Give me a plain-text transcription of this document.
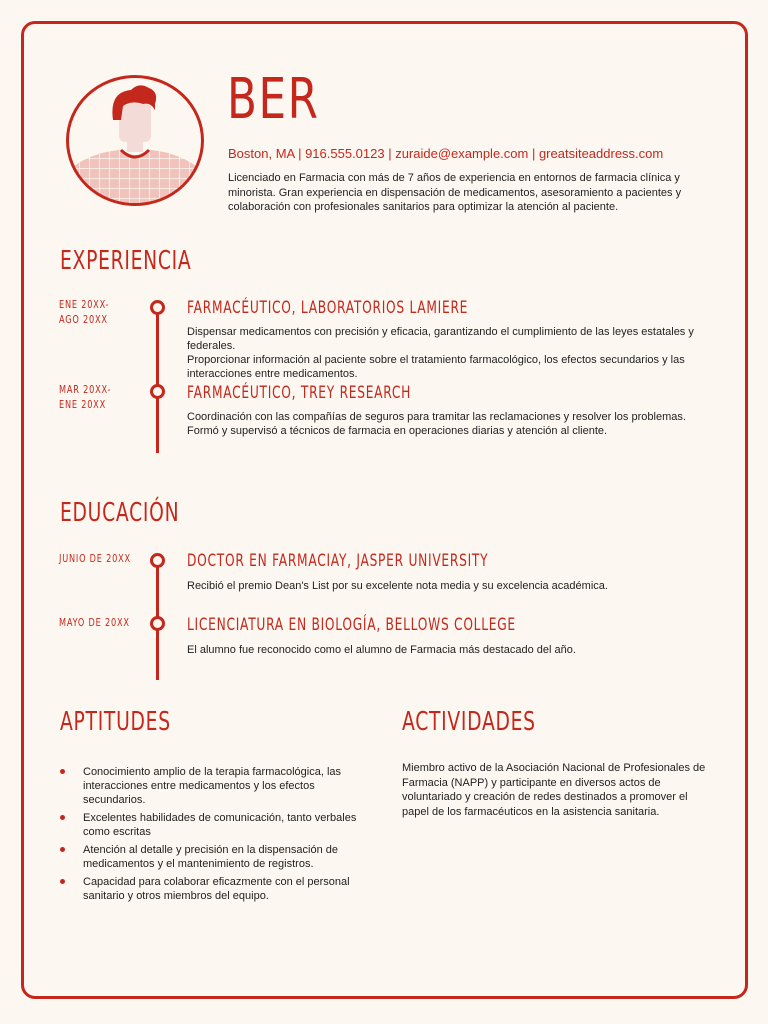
BER
Boston, MA | 916.555.0123 | zuraide@example.com | greatsiteaddress.com
Licenciado en Farmacia con más de 7 años de experiencia en entornos de farmacia clínica y minorista. Gran experiencia en dispensación de medicamentos, asesoramiento a pacientes y colaboración con profesionales sanitarios para optimizar la atención al paciente.
EXPERIENCIA
ENE 20XX-
AGO 20XX
FARMACÉUTICO, LABORATORIOS LAMIERE
Dispensar medicamentos con precisión y eficacia, garantizando el cumplimiento de las leyes estatales y federales.
Proporcionar información al paciente sobre el tratamiento farmacológico, los efectos secundarios y las interacciones entre medicamentos.
MAR 20XX-
ENE 20XX
FARMACÉUTICO, TREY RESEARCH
Coordinación con las compañías de seguros para tramitar las reclamaciones y resolver los problemas.
Formó y supervisó a técnicos de farmacia en operaciones diarias y atención al cliente.
EDUCACIÓN
JUNIO DE 20XX	DOCTOR EN FARMACIAY, JASPER UNIVERSITY
Recibió el premio Dean's List por su excelente nota media y su excelencia académica.
MAYO DE 20XX	LICENCIATURA EN BIOLOGÍA, BELLOWS COLLEGE
El alumno fue reconocido como el alumno de Farmacia más destacado del año.
APTITUDES
Conocimiento amplio de la terapia farmacológica, las interacciones entre medicamentos y los efectos secundarios.
Excelentes habilidades de comunicación, tanto verbales como escritas
Atención al detalle y precisión en la dispensación de medicamentos y el mantenimiento de registros.
Capacidad para colaborar eficazmente con el personal sanitario y otros miembros del equipo.
ACTIVIDADES
Miembro activo de la Asociación Nacional de Profesionales de Farmacia (NAPP) y participante en diversos actos de voluntariado y creación de redes destinados a promover el papel de los farmacéuticos en la asistencia sanitaria.
